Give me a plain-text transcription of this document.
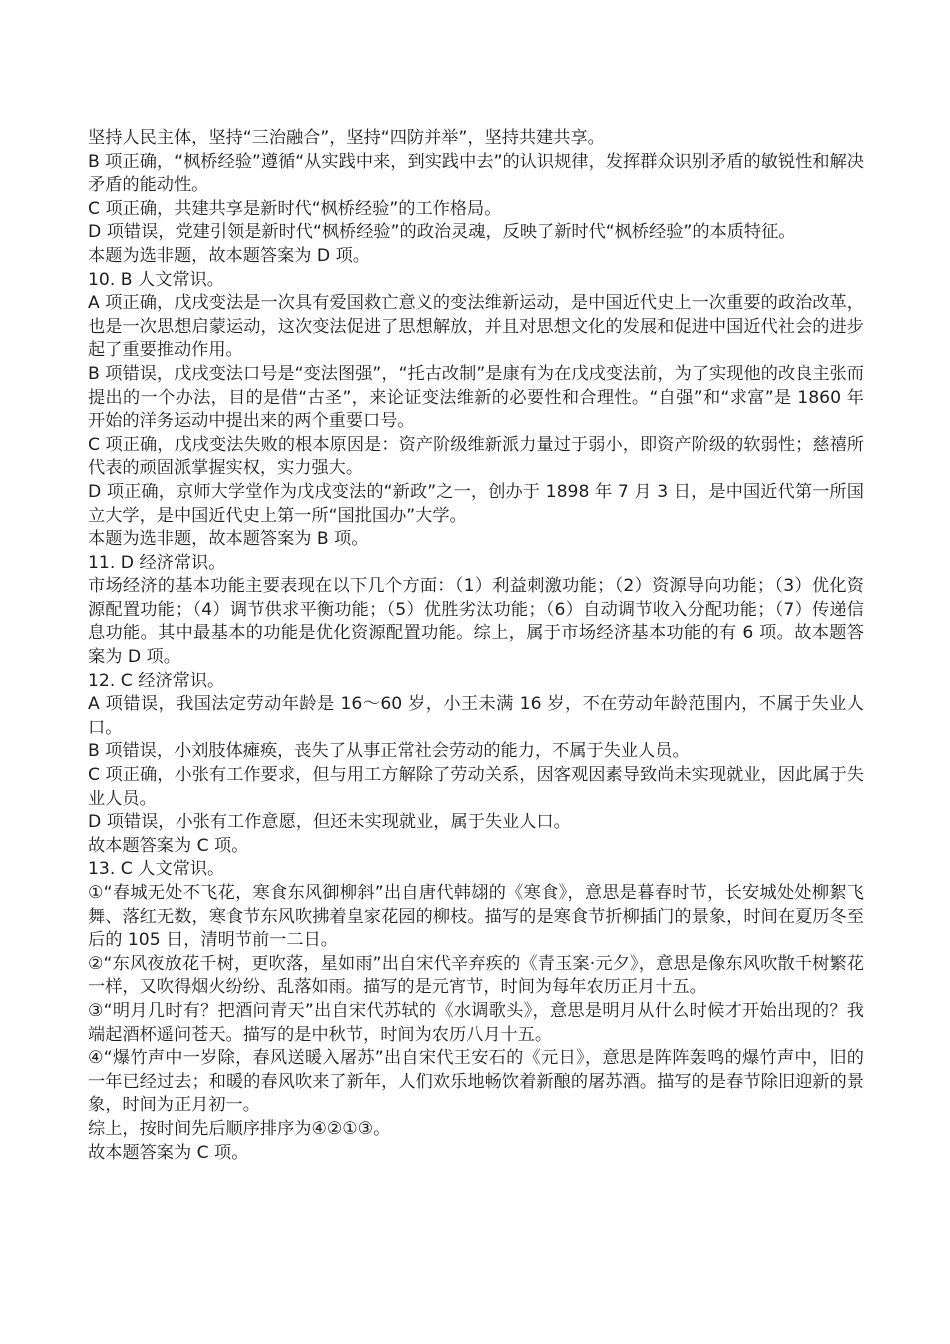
坚持人民主体，坚持“三治融合”，坚持“四防并举”，坚持共建共享。

B 项正确，“枫桥经验”遵循“从实践中来，到实践中去”的认识规律，发挥群众识别矛盾的敏锐性和解决矛盾的能动性。

C 项正确，共建共享是新时代“枫桥经验”的工作格局。

D 项错误，党建引领是新时代“枫桥经验”的政治灵魂，反映了新时代“枫桥经验”的本质特征。

本题为选非题，故本题答案为 D 项。

10. B 人文常识。

A 项正确，戊戌变法是一次具有爱国救亡意义的变法维新运动，是中国近代史上一次重要的政治改革，也是一次思想启蒙运动，这次变法促进了思想解放，并且对思想文化的发展和促进中国近代社会的进步起了重要推动作用。

B 项错误，戊戌变法口号是“变法图强”，“托古改制”是康有为在戊戌变法前，为了实现他的改良主张而提出的一个办法，目的是借“古圣”，来论证变法维新的必要性和合理性。“自强”和“求富”是 1860 年开始的洋务运动中提出来的两个重要口号。

C 项正确，戊戌变法失败的根本原因是：资产阶级维新派力量过于弱小，即资产阶级的软弱性；慈禧所代表的顽固派掌握实权，实力强大。

D 项正确，京师大学堂作为戊戌变法的“新政”之一，创办于 1898 年 7 月 3 日，是中国近代第一所国立大学，是中国近代史上第一所“国批国办”大学。

本题为选非题，故本题答案为 B 项。

11. D 经济常识。

市场经济的基本功能主要表现在以下几个方面：（1）利益刺激功能；（2）资源导向功能；（3）优化资源配置功能；（4）调节供求平衡功能；（5）优胜劣汰功能；（6）自动调节收入分配功能；（7）传递信息功能。其中最基本的功能是优化资源配置功能。综上，属于市场经济基本功能的有 6 项。故本题答案为 D 项。

12. C 经济常识。

A 项错误，我国法定劳动年龄是 16～60 岁，小王未满 16 岁，不在劳动年龄范围内，不属于失业人口。

B 项错误，小刘肢体瘫痪，丧失了从事正常社会劳动的能力，不属于失业人员。

C 项正确，小张有工作要求，但与用工方解除了劳动关系，因客观因素导致尚未实现就业，因此属于失业人员。

D 项错误，小张有工作意愿，但还未实现就业，属于失业人口。

故本题答案为 C 项。

13. C 人文常识。

①“春城无处不飞花，寒食东风御柳斜”出自唐代韩翃的《寒食》，意思是暮春时节，长安城处处柳絮飞舞、落红无数，寒食节东风吹拂着皇家花园的柳枝。描写的是寒食节折柳插门的景象，时间在夏历冬至后的 105 日，清明节前一二日。

②“东风夜放花千树，更吹落，星如雨”出自宋代辛弃疾的《青玉案·元夕》，意思是像东风吹散千树繁花一样，又吹得烟火纷纷、乱落如雨。描写的是元宵节，时间为每年农历正月十五。

③“明月几时有？把酒问青天”出自宋代苏轼的《水调歌头》，意思是明月从什么时候才开始出现的？我端起酒杯遥问苍天。描写的是中秋节，时间为农历八月十五。

④“爆竹声中一岁除，春风送暖入屠苏”出自宋代王安石的《元日》，意思是阵阵轰鸣的爆竹声中，旧的一年已经过去；和暖的春风吹来了新年，人们欢乐地畅饮着新酿的屠苏酒。描写的是春节除旧迎新的景象，时间为正月初一。

综上，按时间先后顺序排序为④②①③。

故本题答案为 C 项。
